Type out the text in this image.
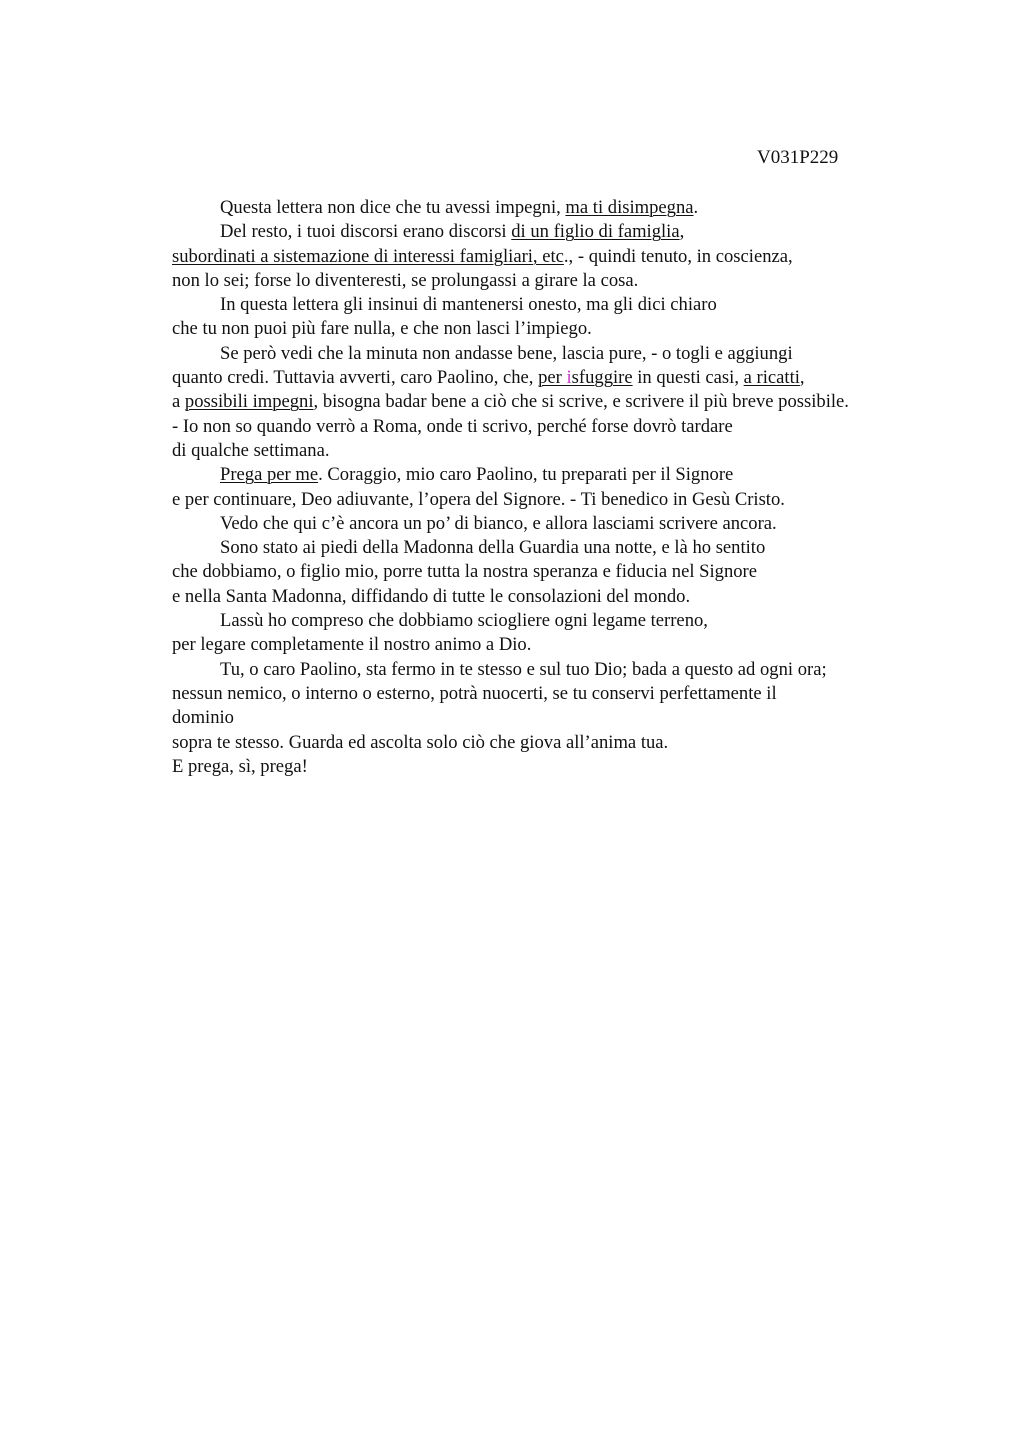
V031P229
Questa lettera non dice che tu avessi impegni, ma ti disimpegna.
Del resto, i tuoi discorsi erano discorsi di un figlio di famiglia,
subordinati a sistemazione di interessi famigliari, etc., - quindi tenuto, in coscienza,
non lo sei; forse lo diventeresti, se prolungassi a girare la cosa.
In questa lettera gli insinui di mantenersi onesto, ma gli dici chiaro
che tu non puoi più fare nulla, e che non lasci l’impiego.
Se però vedi che la minuta non andasse bene, lascia pure, - o togli e aggiungi
quanto credi. Tuttavia avverti, caro Paolino, che, per isfuggire in questi casi, a ricatti,
a possibili impegni, bisogna badar bene a ciò che si scrive, e scrivere il più breve possibile.
- Io non so quando verrò a Roma, onde ti scrivo, perché forse dovrò tardare
di qualche settimana.
Prega per me. Coraggio, mio caro Paolino, tu preparati per il Signore
e per continuare, Deo adiuvante, l’opera del Signore. - Ti benedico in Gesù Cristo.
Vedo che qui c’è ancora un po’ di bianco, e allora lasciami scrivere ancora.
Sono stato ai piedi della Madonna della Guardia una notte, e là ho sentito
che dobbiamo, o figlio mio, porre tutta la nostra speranza e fiducia nel Signore
e nella Santa Madonna, diffidando di tutte le consolazioni del mondo.
Lassù ho compreso che dobbiamo sciogliere ogni legame terreno,
per legare completamente il nostro animo a Dio.
Tu, o caro Paolino, sta fermo in te stesso e sul tuo Dio; bada a questo ad ogni ora;
nessun nemico, o interno o esterno, potrà nuocerti, se tu conservi perfettamente il
dominio
sopra te stesso. Guarda ed ascolta solo ciò che giova all’anima tua.
E prega, sì, prega!
